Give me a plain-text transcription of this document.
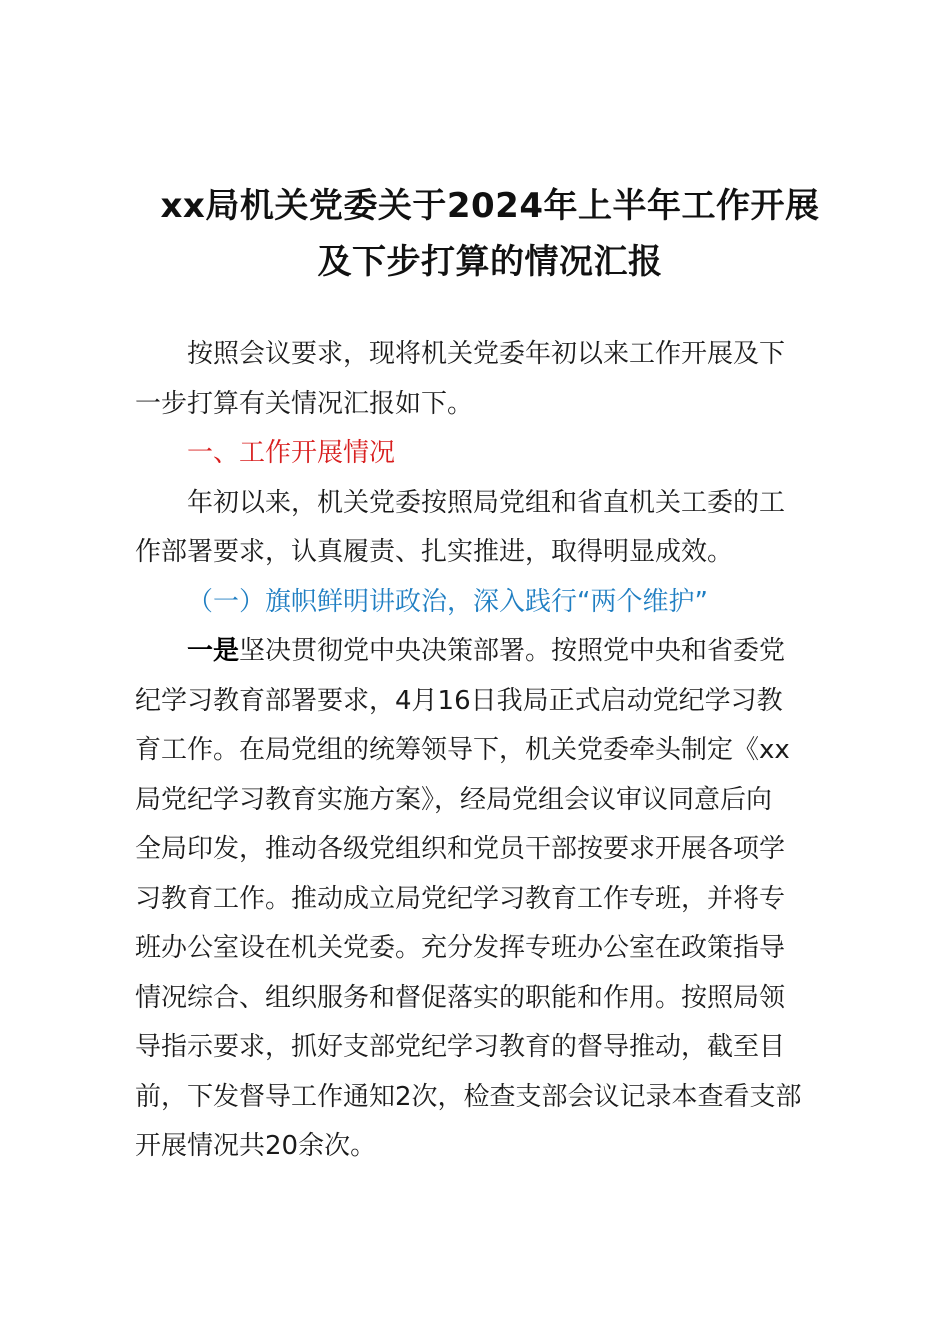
xx局机关党委关于2024年上半年工作开展
及下步打算的情况汇报
按照会议要求，现将机关党委年初以来工作开展及下
一步打算有关情况汇报如下。
一、工作开展情况
年初以来，机关党委按照局党组和省直机关工委的工
作部署要求，认真履责、扎实推进，取得明显成效。
（一）旗帜鲜明讲政治，深入践行“两个维护”
一是坚决贯彻党中央决策部署。按照党中央和省委党
纪学习教育部署要求，4月16日我局正式启动党纪学习教
育工作。在局党组的统筹领导下，机关党委牵头制定《xx
局党纪学习教育实施方案》，经局党组会议审议同意后向
全局印发，推动各级党组织和党员干部按要求开展各项学
习教育工作。推动成立局党纪学习教育工作专班，并将专
班办公室设在机关党委。充分发挥专班办公室在政策指导
情况综合、组织服务和督促落实的职能和作用。按照局领
导指示要求，抓好支部党纪学习教育的督导推动，截至目
前，下发督导工作通知2次，检查支部会议记录本查看支部
开展情况共20余次。
